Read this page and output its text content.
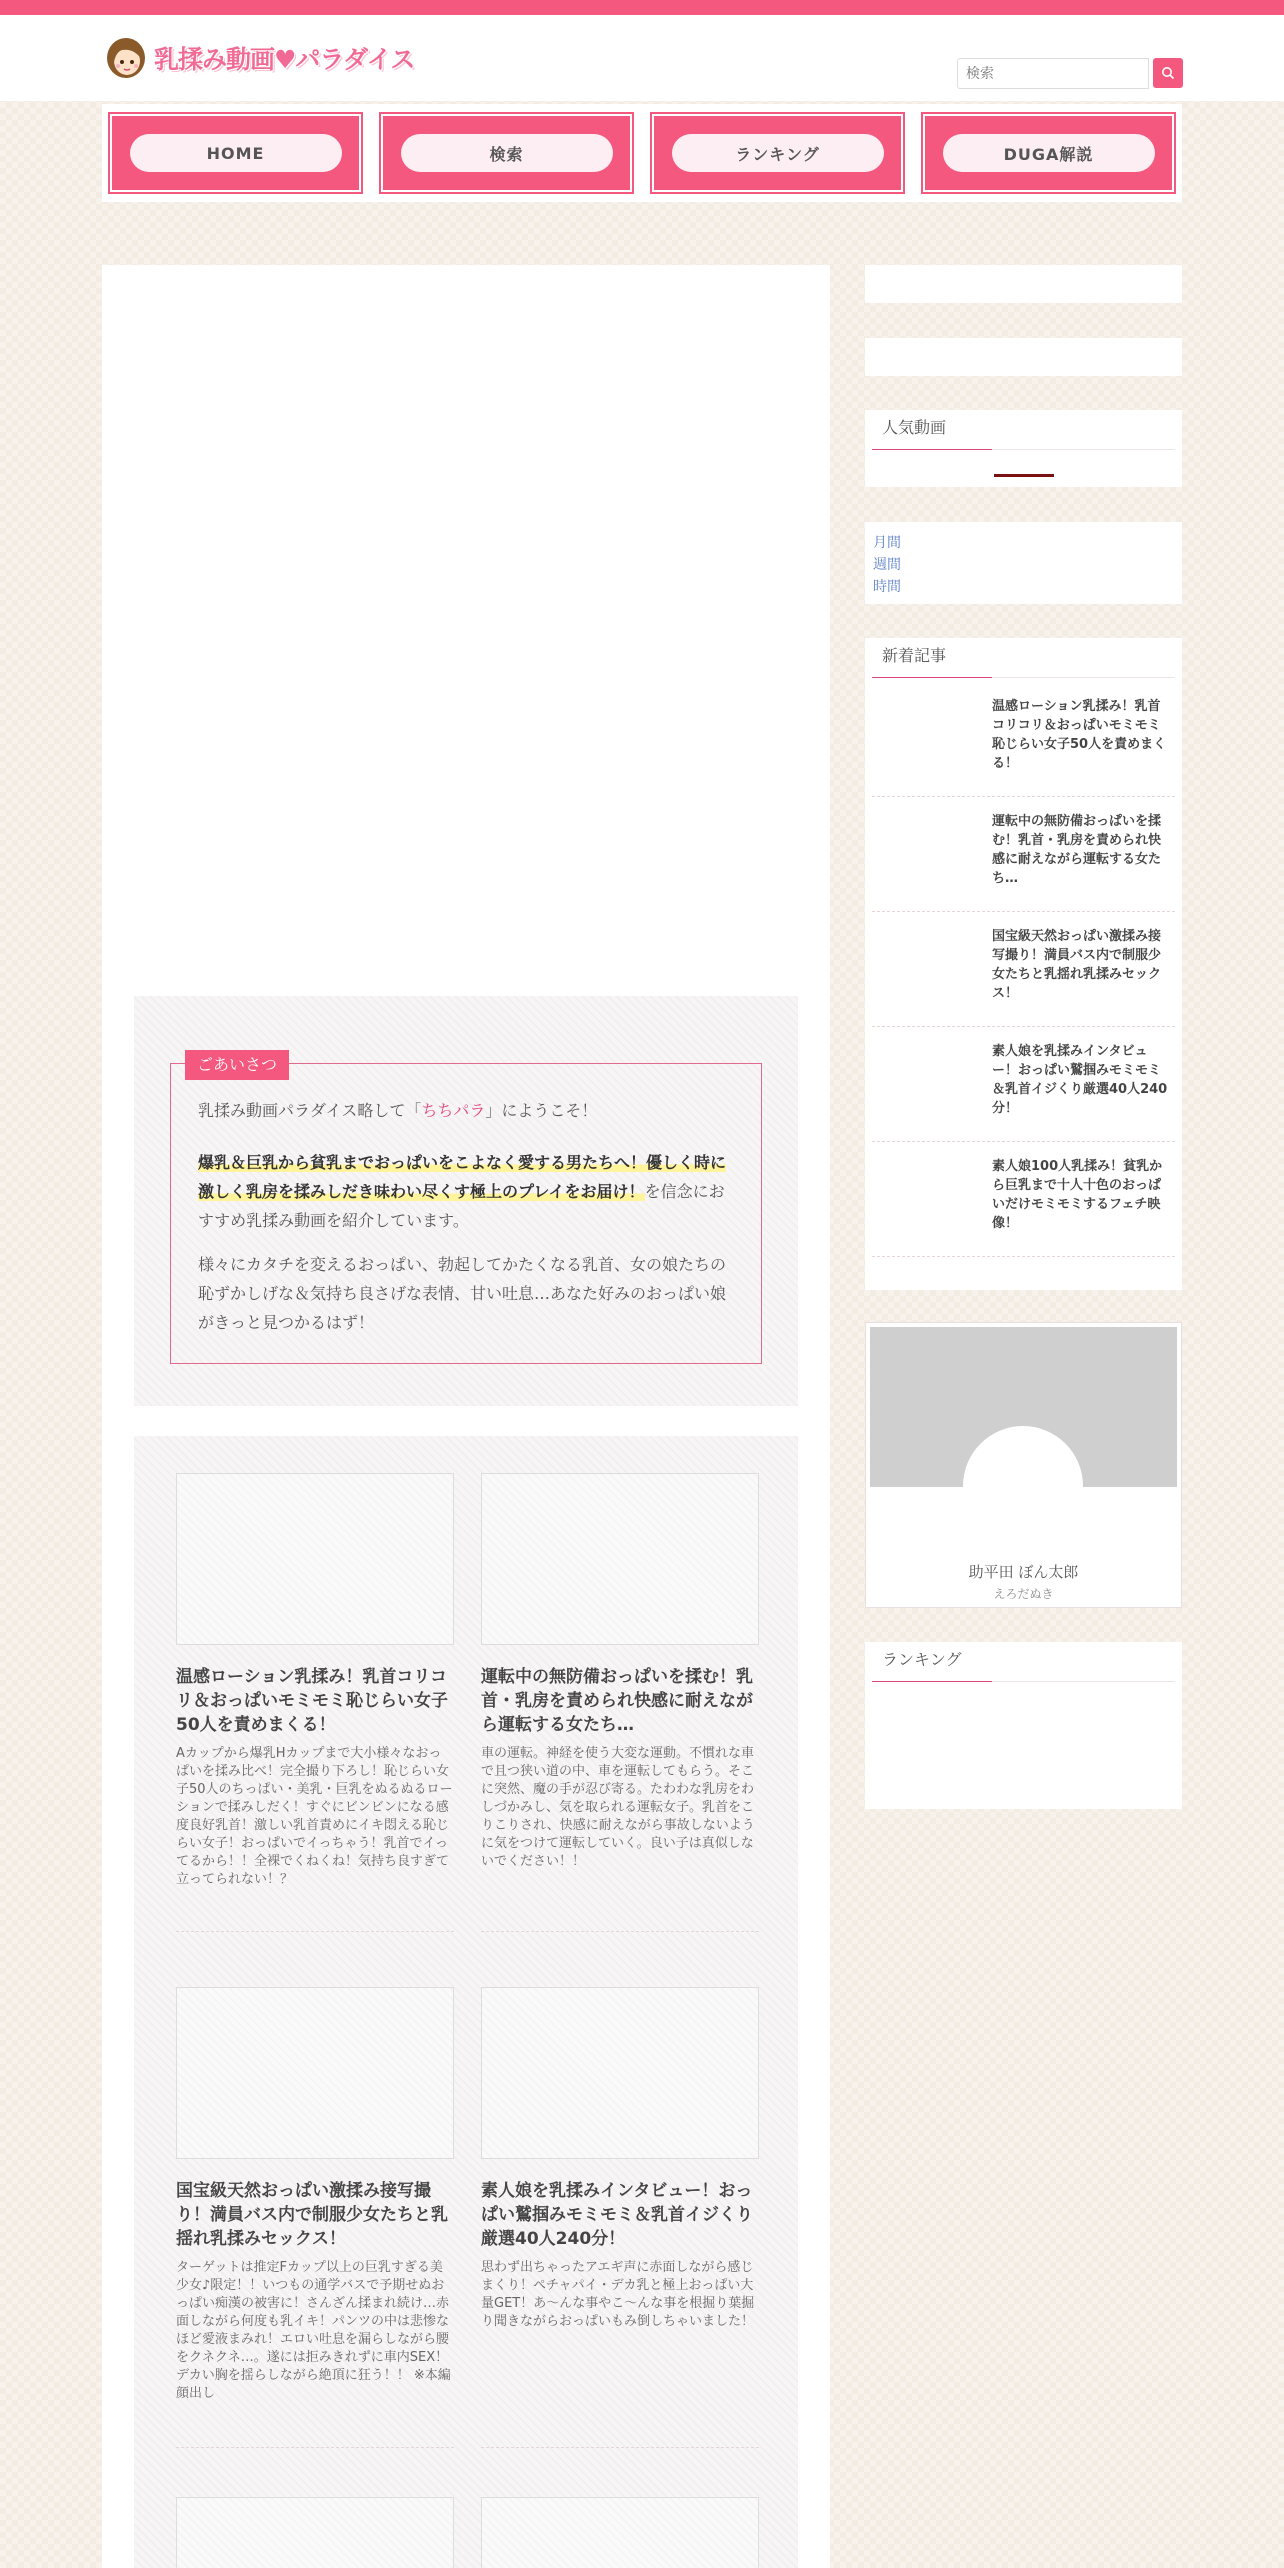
乳揉み動画♥パラダイス
検索
HOME	検索	ランキング	DUGA解説
ごあいさつ

乳揉み動画パラダイス略して「ちちパラ」にようこそ！

爆乳＆巨乳から貧乳までおっぱいをこよなく愛する男たちへ！優しく時に激しく乳房を揉みしだき味わい尽くす極上のプレイをお届け！を信念におすすめ乳揉み動画を紹介しています。

様々にカタチを変えるおっぱい、勃起してかたくなる乳首、女の娘たちの恥ずかしげな＆気持ち良さげな表情、甘い吐息…あなた好みのおっぱい娘がきっと見つかるはず！

温感ローション乳揉み！乳首コリコリ＆おっぱいモミモミ恥じらい女子50人を責めまくる！
Aカップから爆乳Hカップまで大小様々なおっぱいを揉み比べ！完全撮り下ろし！恥じらい女子50人のちっぱい・美乳・巨乳をぬるぬるローションで揉みしだく！すぐにビンビンになる感度良好乳首！激しい乳首責めにイキ悶える恥じらい女子！おっぱいでイっちゃう！乳首でイってるから！！全裸でくねくね！気持ち良すぎて立ってられない！？
運転中の無防備おっぱいを揉む！乳首・乳房を責められ快感に耐えながら運転する女たち…
車の運転。神経を使う大変な運動。不慣れな車で且つ狭い道の中、車を運転してもらう。そこに突然、魔の手が忍び寄る。たわわな乳房をわしづかみし、気を取られる運転女子。乳首をこりこりされ、快感に耐えながら事故しないように気をつけて運転していく。良い子は真似しないでください！！
国宝級天然おっぱい激揉み接写撮り！満員バス内で制服少女たちと乳揺れ乳揉みセックス！
ターゲットは推定Fカップ以上の巨乳すぎる美少女♪限定！！いつもの通学バスで予期せぬおっぱい痴漢の被害に！さんざん揉まれ続け…赤面しながら何度も乳イキ！パンツの中は悲惨なほど愛液まみれ！エロい吐息を漏らしながら腰をクネクネ…。遂には拒みきれずに車内SEX！デカい胸を揺らしながら絶頂に狂う！！ ※本編顔出し
素人娘を乳揉みインタビュー！おっぱい鷲掴みモミモミ＆乳首イジくり厳選40人240分！
思わず出ちゃったアエギ声に赤面しながら感じまくり！ペチャパイ・デカ乳と極上おっぱい大量GET！あ～んな事やこ～んな事を根掘り葉掘り聞きながらおっぱいもみ倒しちゃいました！
人気動画
月間
週間
時間
新着記事
温感ローション乳揉み！乳首コリコリ＆おっぱいモミモミ恥じらい女子50人を責めまくる！
運転中の無防備おっぱいを揉む！乳首・乳房を責められ快感に耐えながら運転する女たち…
国宝級天然おっぱい激揉み接写撮り！満員バス内で制服少女たちと乳揺れ乳揉みセックス！
素人娘を乳揉みインタビュー！おっぱい鷲掴みモミモミ＆乳首イジくり厳選40人240分！
素人娘100人乳揉み！貧乳から巨乳まで十人十色のおっぱいだけモミモミするフェチ映像！
助平田 ぼん太郎
えろだぬき
ランキング
